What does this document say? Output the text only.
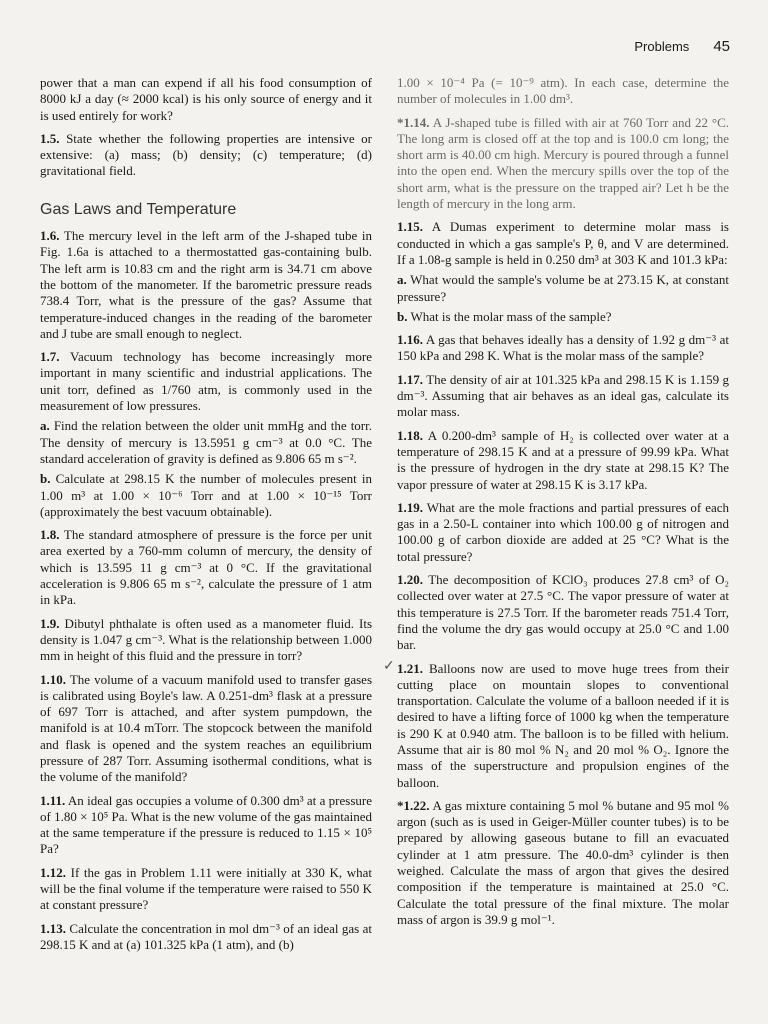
Problems 45

power that a man can expend if all his food consumption of 8000 kJ a day (≈ 2000 kcal) is his only source of energy and it is used entirely for work?

1.5. State whether the following properties are intensive or extensive: (a) mass; (b) density; (c) temperature; (d) gravitational field.

Gas Laws and Temperature

1.6. The mercury level in the left arm of the J-shaped tube in Fig. 1.6a is attached to a thermostatted gas-containing bulb. The left arm is 10.83 cm and the right arm is 34.71 cm above the bottom of the manometer. If the barometric pressure reads 738.4 Torr, what is the pressure of the gas? Assume that temperature-induced changes in the reading of the barometer and J tube are small enough to neglect.

1.7. Vacuum technology has become increasingly more important in many scientific and industrial applications. The unit torr, defined as 1/760 atm, is commonly used in the measurement of low pressures.

a. Find the relation between the older unit mmHg and the torr. The density of mercury is 13.5951 g cm⁻³ at 0.0 °C. The standard acceleration of gravity is defined as 9.806 65 m s⁻².

b. Calculate at 298.15 K the number of molecules present in 1.00 m³ at 1.00 × 10⁻⁶ Torr and at 1.00 × 10⁻¹⁵ Torr (approximately the best vacuum obtainable).

1.8. The standard atmosphere of pressure is the force per unit area exerted by a 760-mm column of mercury, the density of which is 13.595 11 g cm⁻³ at 0 °C. If the gravitational acceleration is 9.806 65 m s⁻², calculate the pressure of 1 atm in kPa.

1.9. Dibutyl phthalate is often used as a manometer fluid. Its density is 1.047 g cm⁻³. What is the relationship between 1.000 mm in height of this fluid and the pressure in torr?

1.10. The volume of a vacuum manifold used to transfer gases is calibrated using Boyle's law. A 0.251-dm³ flask at a pressure of 697 Torr is attached, and after system pumpdown, the manifold is at 10.4 mTorr. The stopcock between the manifold and flask is opened and the system reaches an equilibrium pressure of 287 Torr. Assuming isothermal conditions, what is the volume of the manifold?

1.11. An ideal gas occupies a volume of 0.300 dm³ at a pressure of 1.80 × 10⁵ Pa. What is the new volume of the gas maintained at the same temperature if the pressure is reduced to 1.15 × 10⁵ Pa?

1.12. If the gas in Problem 1.11 were initially at 330 K, what will be the final volume if the temperature were raised to 550 K at constant pressure?

1.13. Calculate the concentration in mol dm⁻³ of an ideal gas at 298.15 K and at (a) 101.325 kPa (1 atm), and (b)

1.00 × 10⁻⁴ Pa (= 10⁻⁹ atm). In each case, determine the number of molecules in 1.00 dm³.

*1.14. A J-shaped tube is filled with air at 760 Torr and 22 °C. The long arm is closed off at the top and is 100.0 cm long; the short arm is 40.00 cm high. Mercury is poured through a funnel into the open end. When the mercury spills over the top of the short arm, what is the pressure on the trapped air? Let h be the length of mercury in the long arm.

1.15. A Dumas experiment to determine molar mass is conducted in which a gas sample's P, θ, and V are determined. If a 1.08-g sample is held in 0.250 dm³ at 303 K and 101.3 kPa:

a. What would the sample's volume be at 273.15 K, at constant pressure?

b. What is the molar mass of the sample?

1.16. A gas that behaves ideally has a density of 1.92 g dm⁻³ at 150 kPa and 298 K. What is the molar mass of the sample?

1.17. The density of air at 101.325 kPa and 298.15 K is 1.159 g dm⁻³. Assuming that air behaves as an ideal gas, calculate its molar mass.

1.18. A 0.200-dm³ sample of H₂ is collected over water at a temperature of 298.15 K and at a pressure of 99.99 kPa. What is the pressure of hydrogen in the dry state at 298.15 K? The vapor pressure of water at 298.15 K is 3.17 kPa.

1.19. What are the mole fractions and partial pressures of each gas in a 2.50-L container into which 100.00 g of nitrogen and 100.00 g of carbon dioxide are added at 25 °C? What is the total pressure?

1.20. The decomposition of KClO₃ produces 27.8 cm³ of O₂ collected over water at 27.5 °C. The vapor pressure of water at this temperature is 27.5 Torr. If the barometer reads 751.4 Torr, find the volume the dry gas would occupy at 25.0 °C and 1.00 bar.

✓ 1.21. Balloons now are used to move huge trees from their cutting place on mountain slopes to conventional transportation. Calculate the volume of a balloon needed if it is desired to have a lifting force of 1000 kg when the temperature is 290 K at 0.940 atm. The balloon is to be filled with helium. Assume that air is 80 mol % N₂ and 20 mol % O₂. Ignore the mass of the superstructure and propulsion engines of the balloon.

*1.22. A gas mixture containing 5 mol % butane and 95 mol % argon (such as is used in Geiger-Müller counter tubes) is to be prepared by allowing gaseous butane to fill an evacuated cylinder at 1 atm pressure. The 40.0-dm³ cylinder is then weighed. Calculate the mass of argon that gives the desired composition if the temperature is maintained at 25.0 °C. Calculate the total pressure of the final mixture. The molar mass of argon is 39.9 g mol⁻¹.
